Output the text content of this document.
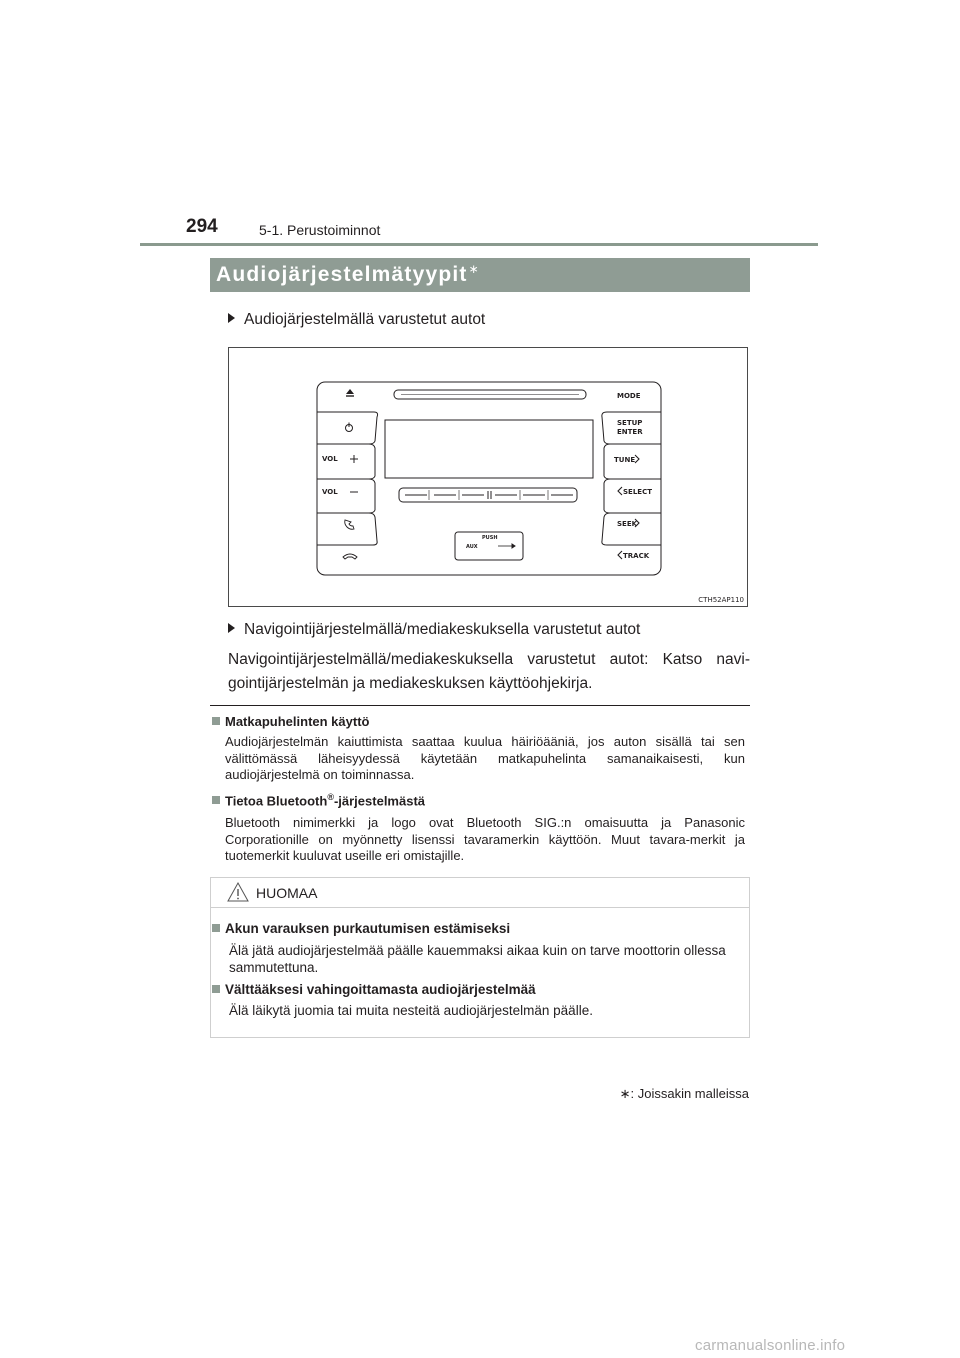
294	5-1. Perustoiminnot
Audiojärjestelmätyypit∗
Audiojärjestelmällä varustetut autot
VOL
VOL
MODE
SETUP
ENTER
TUNE
SELECT
SEEK
TRACK
PUSH
AUX
CTH52AP110
Navigointijärjestelmällä/mediakeskuksella varustetut autot
Navigointijärjestelmällä/mediakeskuksella varustetut autot: Katso navi-gointijärjestelmän ja mediakeskuksen käyttöohjekirja.
Matkapuhelinten käyttö
Audiojärjestelmän kaiuttimista saattaa kuulua häiriöääniä, jos auton sisällä tai sen välittömässä läheisyydessä käytetään matkapuhelinta samanaikaisesti, kun audiojärjestelmä on toiminnassa.
Tietoa Bluetooth®-järjestelmästä
Bluetooth nimimerkki ja logo ovat Bluetooth SIG.:n omaisuutta ja Panasonic Corporationille on myönnetty lisenssi tavaramerkin käyttöön. Muut tavara-merkit ja tuotemerkit kuuluvat useille eri omistajille.
HUOMAA
Akun varauksen purkautumisen estämiseksi
Älä jätä audiojärjestelmää päälle kauemmaksi aikaa kuin on tarve moottorin ollessa sammutettuna.
Välttääksesi vahingoittamasta audiojärjestelmää
Älä läikytä juomia tai muita nesteitä audiojärjestelmän päälle.
∗: Joissakin malleissa
carmanualsonline.info
